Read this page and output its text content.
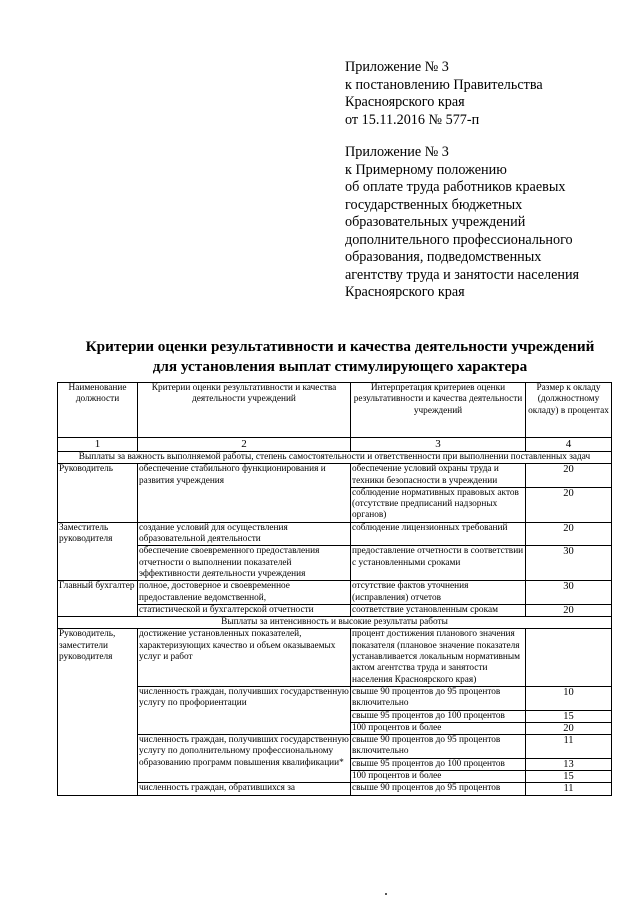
Приложение № 3
к постановлению Правительства
Красноярского края
от 15.11.2016 № 577-п
Приложение № 3
к Примерному положению
об оплате труда работников краевых
государственных бюджетных
образовательных учреждений
дополнительного профессионального
образования, подведомственных
агентству труда и занятости населения
Красноярского края
Критерии оценки результативности и качества деятельности учреждений
для установления выплат стимулирующего характера
Наименование должности	Критерии оценки результативности и качества деятельности учреждений	Интерпретация критериев оценки результативности и качества деятельности учреждений	Размер к окладу (должностному окладу) в процентах
1	2	3	4
Выплаты за важность выполняемой работы, степень самостоятельности и ответственности при выполнении поставленных задач			
Руководитель	обеспечение стабильного функционирования и развития учреждения	обеспечение условий охраны труда и техники безопасности в учреждении	20
		соблюдение нормативных правовых актов (отсутствие предписаний надзорных органов)	20
Заместитель руководителя	создание условий для осуществления образовательной деятельности	соблюдение лицензионных требований	20
	обеспечение своевременного предоставления отчетности о выполнении показателей эффективности деятельности учреждения	предоставление отчетности в соответствии с установленными сроками	30
Главный бухгалтер	полное, достоверное и своевременное предоставление ведомственной,	отсутствие фактов уточнения (исправления) отчетов	30
	статистической и бухгалтерской отчетности	соответствие установленным срокам	20
Выплаты за интенсивность и высокие результаты работы			
Руководитель, заместители руководителя	достижение установленных показателей, характеризующих качество и объем оказываемых услуг и работ	процент достижения планового значения показателя (плановое значение показателя устанавливается локальным нормативным актом агентства труда и занятости населения Красноярского края)	
	численность граждан, получивших государственную услугу по профориентации	свыше 90 процентов до 95 процентов включительно	10
		свыше 95 процентов до 100 процентов	15
		100 процентов и более	20
	численность граждан, получивших государственную услугу по дополнительному профессиональному образованию программ повышения квалификации*	свыше 90 процентов до 95 процентов включительно	11
		свыше 95 процентов до 100 процентов	13
		100 процентов и более	15
	численность граждан, обратившихся за	свыше 90 процентов до 95 процентов	11
